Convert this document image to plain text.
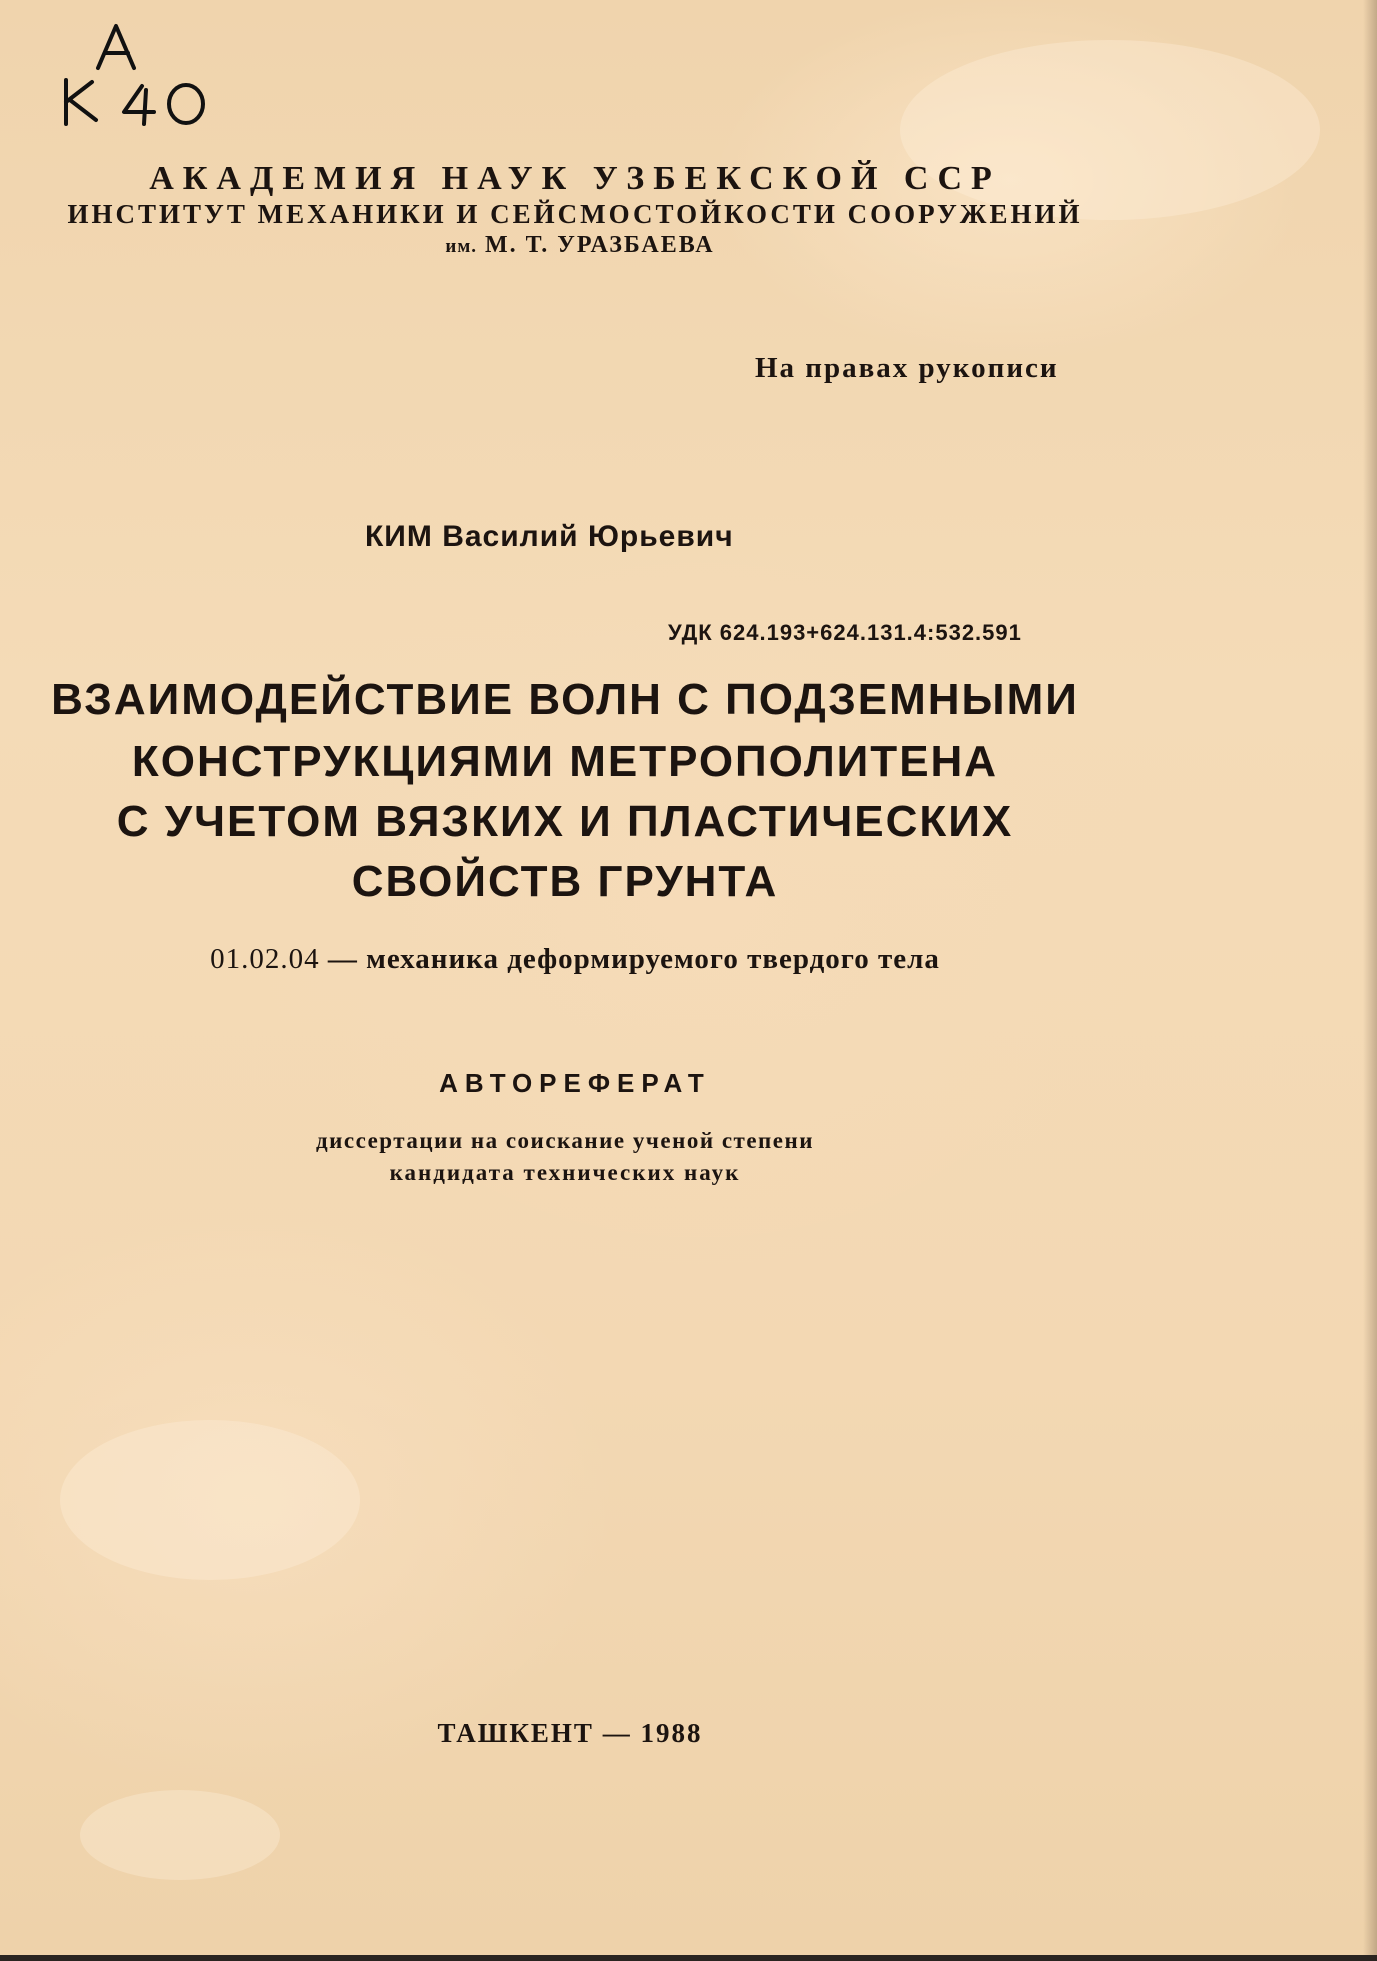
АКАДЕМИЯ НАУК УЗБЕКСКОЙ ССР
ИНСТИТУТ МЕХАНИКИ И СЕЙСМОСТОЙКОСТИ СООРУЖЕНИЙ
им. М. Т. УРАЗБАЕВА
На правах рукописи
КИМ Василий Юрьевич
УДК 624.193+624.131.4:532.591
ВЗАИМОДЕЙСТВИЕ ВОЛН С ПОДЗЕМНЫМИ
КОНСТРУКЦИЯМИ МЕТРОПОЛИТЕНА
С УЧЕТОМ ВЯЗКИХ И ПЛАСТИЧЕСКИХ
СВОЙСТВ ГРУНТА
01.02.04 — механика деформируемого твердого тела
АВТОРЕФЕРАТ
диссертации на соискание ученой степени
кандидата технических наук
ТАШКЕНТ — 1988
